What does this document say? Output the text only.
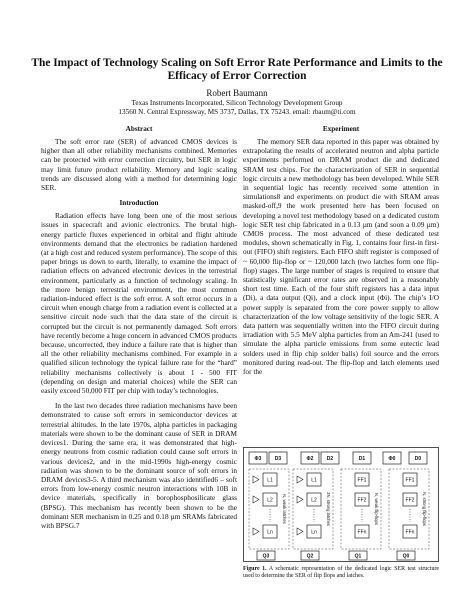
The Impact of Technology Scaling on Soft Error Rate Performance and Limits to the Efficacy of Error Correction
Robert Baumann
Texas Instruments Incorporated, Silicon Technology Development Group
13560 N. Central Expressway, MS 3737, Dallas, TX 75243. email: rbaum@ti.com
Abstract

The soft error rate (SER) of advanced CMOS devices is higher than all other reliability mechanisms combined. Memories can be protected with error correction circuitry, but SER in logic may limit future product reliability. Memory and logic scaling trends are discussed along with a method for determining logic SER.

Introduction

Radiation effects have long been one of the most serious issues in spacecraft and avionic electronics. The brutal high-energy particle fluxes experienced in orbital and flight altitude environments demand that the electronics be radiation hardened (at a high cost and reduced system performance). The scope of this paper brings us down to earth, literally, to examine the impact of radiation effects on advanced electronic devices in the terrestrial environment, particularly as a function of technology scaling. In the more benign terrestrial environment, the most common radiation-induced effect is the soft error. A soft error occurs in a circuit when enough charge from a radiation event is collected at a sensitive circuit node such that the data state of the circuit is corrupted but the circuit is not permanently damaged. Soft errors have recently become a huge concern in advanced CMOS products because, uncorrected, they induce a failure rate that is higher than all the other reliability mechanisms combined. For example in a qualified silicon technology the typical failure rate for the “hard” reliability mechanisms collectively is about 1 - 500 FIT (depending on design and material choices) while the SER can easily exceed 50,000 FIT per chip with today’s technologies.

In the last two decades three radiation mechanisms have been demonstrated to cause soft errors in semiconductor devices at terrestrial altitudes. In the late 1970s, alpha particles in packaging materials were shown to be the dominant cause of SER in DRAM devices1. During the same era, it was demonstrated that high-energy neutrons from cosmic radiation could cause soft errors in various devices2, and in the mid-1990s high-energy cosmic radiation was shown to be the dominant source of soft errors in DRAM devices3-5. A third mechanism was also identified6 – soft errors from low-energy cosmic neutron interactions with 10B in device materials, specifically in borophosphosilicate glass (BPSG). This mechanism has recently been shown to be the dominant SER mechanism in 0.25 and 0.18 µm SRAMs fabricated with BPSG.7

Experiment

The memory SER data reported in this paper was obtained by extrapolating the results of accelerated neutron and alpha particle experiments performed on DRAM product die and dedicated SRAM test chips. For the characterization of SER in sequential logic circuits a new methodology has been developed. While SER in sequential logic has recently received some attention in simulations8 and experiments on product die with SRAM areas masked-off,9 the work presented here has been focused on developing a novel test methodology based on a dedicated custom logic SER test chip fabricated in a 0.13 µm (and soon a 0.09 µm) CMOS process. The most advanced of these dedicated test modules, shown schematically in Fig. 1, contains four first-in first-out (FIFO) shift registers. Each FIFO shift register is composed of ~ 60,000 flip-flop or ~ 120,000 latch (two latches form one flip-flop) stages. The large number of stages is required to ensure that statistically significant error rates are observed in a reasonably short test time. Each of the four shift registers has a data input (Di), a data output (Qi), and a clock input (Φi). The chip’s I/O power supply is separated from the core power supply to allow characterization of the low voltage sensitivity of the logic SER. A data pattern was sequentially written into the FIFO circuit during irradiation with 5.5 MeV alpha particles from an Am-241 (used to simulate the alpha particle emissions from some eutectic lead solders used in flip chip solder balls) foil source and the errors monitored during read-out. The flip-flop and latch elements used for the

Φ3	D3	Φ2	D2	D1	Φ0	D0
L1
L2
Ln
N, weak latches
Q3
L1
L2
Ln
2N, strong latches
Q2
FF1
FF2
FFn
N, weak flip-flops
Q1
FF1
FF2
FFn
N, strong flip-flops
Q0
Figure 1. A schematic representation of the dedicated logic SER test structure used to determine the SER of flip flops and latches.
